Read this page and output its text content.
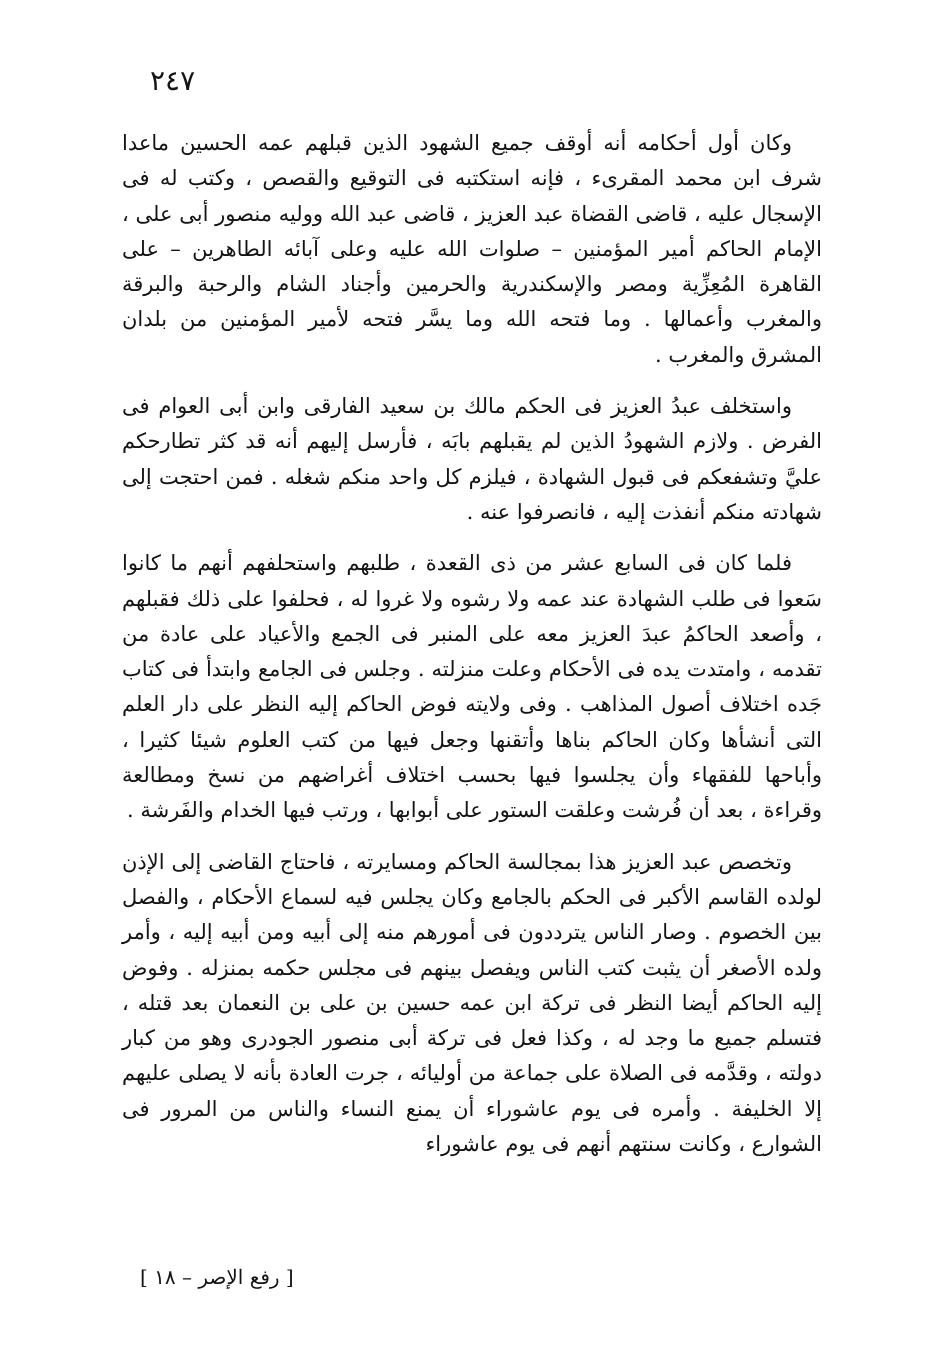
٢٤٧

وكان أول أحكامه أنه أوقف جميع الشهود الذين قبلهم عمه الحسين ماعدا شرف ابن محمد المقرىء ، فإنه استكتبه فى التوقيع والقصص ، وكتب له فى الإسجال عليه ، قاضى القضاة عبد العزيز ، قاضى عبد الله ووليه منصور أبى على ، الإمام الحاكم أمير المؤمنين – صلوات الله عليه وعلى آبائه الطاهرين – على القاهرة المُعِزِّية ومصر والإسكندرية والحرمين وأجناد الشام والرحبة والبرقة والمغرب وأعمالها . وما فتحه الله وما يسَّر فتحه لأمير المؤمنين من بلدان المشرق والمغرب .

واستخلف عبدُ العزيز فى الحكم مالك بن سعيد الفارقى وابن أبى العوام فى الفرض . ولازم الشهودُ الذين لم يقبلهم بابَه ، فأرسل إليهم أنه قد كثر تطارحكم عليَّ وتشفعكم فى قبول الشهادة ، فيلزم كل واحد منكم شغله . فمن احتجت إلى شهادته منكم أنفذت إليه ، فانصرفوا عنه .

فلما كان فى السابع عشر من ذى القعدة ، طلبهم واستحلفهم أنهم ما كانوا سَعوا فى طلب الشهادة عند عمه ولا رشوه ولا غروا له ، فحلفوا على ذلك فقبلهم ، وأصعد الحاكمُ عبدَ العزيز معه على المنبر فى الجمع والأعياد على عادة من تقدمه ، وامتدت يده فى الأحكام وعلت منزلته . وجلس فى الجامع وابتدأ فى كتاب جَده اختلاف أصول المذاهب . وفى ولايته فوض الحاكم إليه النظر على دار العلم التى أنشأها وكان الحاكم بناها وأتقنها وجعل فيها من كتب العلوم شيئا كثيرا ، وأباحها للفقهاء وأن يجلسوا فيها بحسب اختلاف أغراضهم من نسخ ومطالعة وقراءة ، بعد أن فُرشت وعلقت الستور على أبوابها ، ورتب فيها الخدام والفَرشة .

وتخصص عبد العزيز هذا بمجالسة الحاكم ومسايرته ، فاحتاج القاضى إلى الإذن لولده القاسم الأكبر فى الحكم بالجامع وكان يجلس فيه لسماع الأحكام ، والفصل بين الخصوم . وصار الناس يترددون فى أمورهم منه إلى أبيه ومن أبيه إليه ، وأمر ولده الأصغر أن يثبت كتب الناس ويفصل بينهم فى مجلس حكمه بمنزله . وفوض إليه الحاكم أيضا النظر فى تركة ابن عمه حسين بن على بن النعمان بعد قتله ، فتسلم جميع ما وجد له ، وكذا فعل فى تركة أبى منصور الجودرى وهو من كبار دولته ، وقدَّمه فى الصلاة على جماعة من أوليائه ، جرت العادة بأنه لا يصلى عليهم إلا الخليفة . وأمره فى يوم عاشوراء أن يمنع النساء والناس من المرور فى الشوارع ، وكانت سنتهم أنهم فى يوم عاشوراء

[ رفع الإصر – ١٨ ]
